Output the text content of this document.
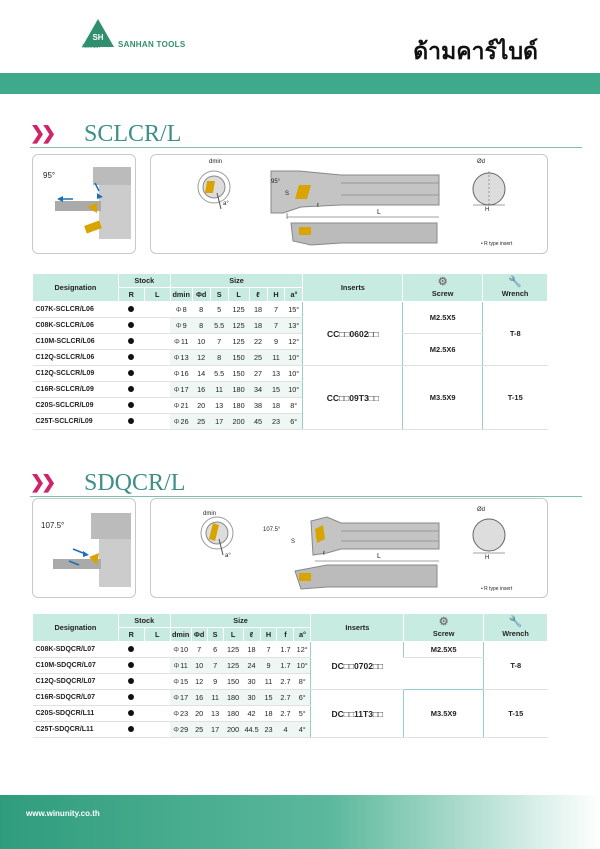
SH
Sanhan SANHAN TOOLS	ด้ามคาร์ไบด์
❯❯ SCLCR/L
95°
dmin
a°
95°
S
ℓ
L
Ød
H
• R type insert
Designation	Stock		Size							Inserts	⚙
Screw	🔧
Wrench
	R	L	dmin	Φd	S	L	ℓ	H	a°			
C07K-SCLCR/L06			Φ8	8	5	125	18	7	15°	CC□□0602□□	M2.5X5	T-8
C08K-SCLCR/L06			Φ9	8	5.5	125	18	7	13°			
C10M-SCLCR/L06			Φ11	10	7	125	22	9	12°		M2.5X6	
C12Q-SCLCR/L06			Φ13	12	8	150	25	11	10°			
C12Q-SCLCR/L09			Φ16	14	5.5	150	27	13	10°	CC□□09T3□□	M3.5X9	T-15
C16R-SCLCR/L09			Φ17	16	11	180	34	15	10°			
C20S-SCLCR/L09			Φ21	20	13	180	38	18	8°			
C25T-SCLCR/L09			Φ26	25	17	200	45	23	6°			
❯❯ SDQCR/L
107.5°
dmin
a°
107.5°
S
ℓ	L
Ød
H
• R type insert
Designation	Stock		Size								Inserts	⚙
Screw	🔧
Wrench
	R	L	dmin	Φd	S	L	ℓ	H	f	a°			
C08K-SDQCR/L07			Φ10	7	6	125	18	7	1.7	12°	DC□□0702□□	M2.5X5	T-8
C10M-SDQCR/L07			Φ11	10	7	125	24	9	1.7	10°			
C12Q-SDQCR/L07			Φ15	12	9	150	30	11	2.7	8°			
C16R-SDQCR/L07			Φ17	16	11	180	30	15	2.7	6°	DC□□11T3□□	M3.5X9	T-15
C20S-SDQCR/L11			Φ23	20	13	180	42	18	2.7	5°			
C25T-SDQCR/L11			Φ29	25	17	200	44.5	23	4	4°			
www.winunity.co.th
